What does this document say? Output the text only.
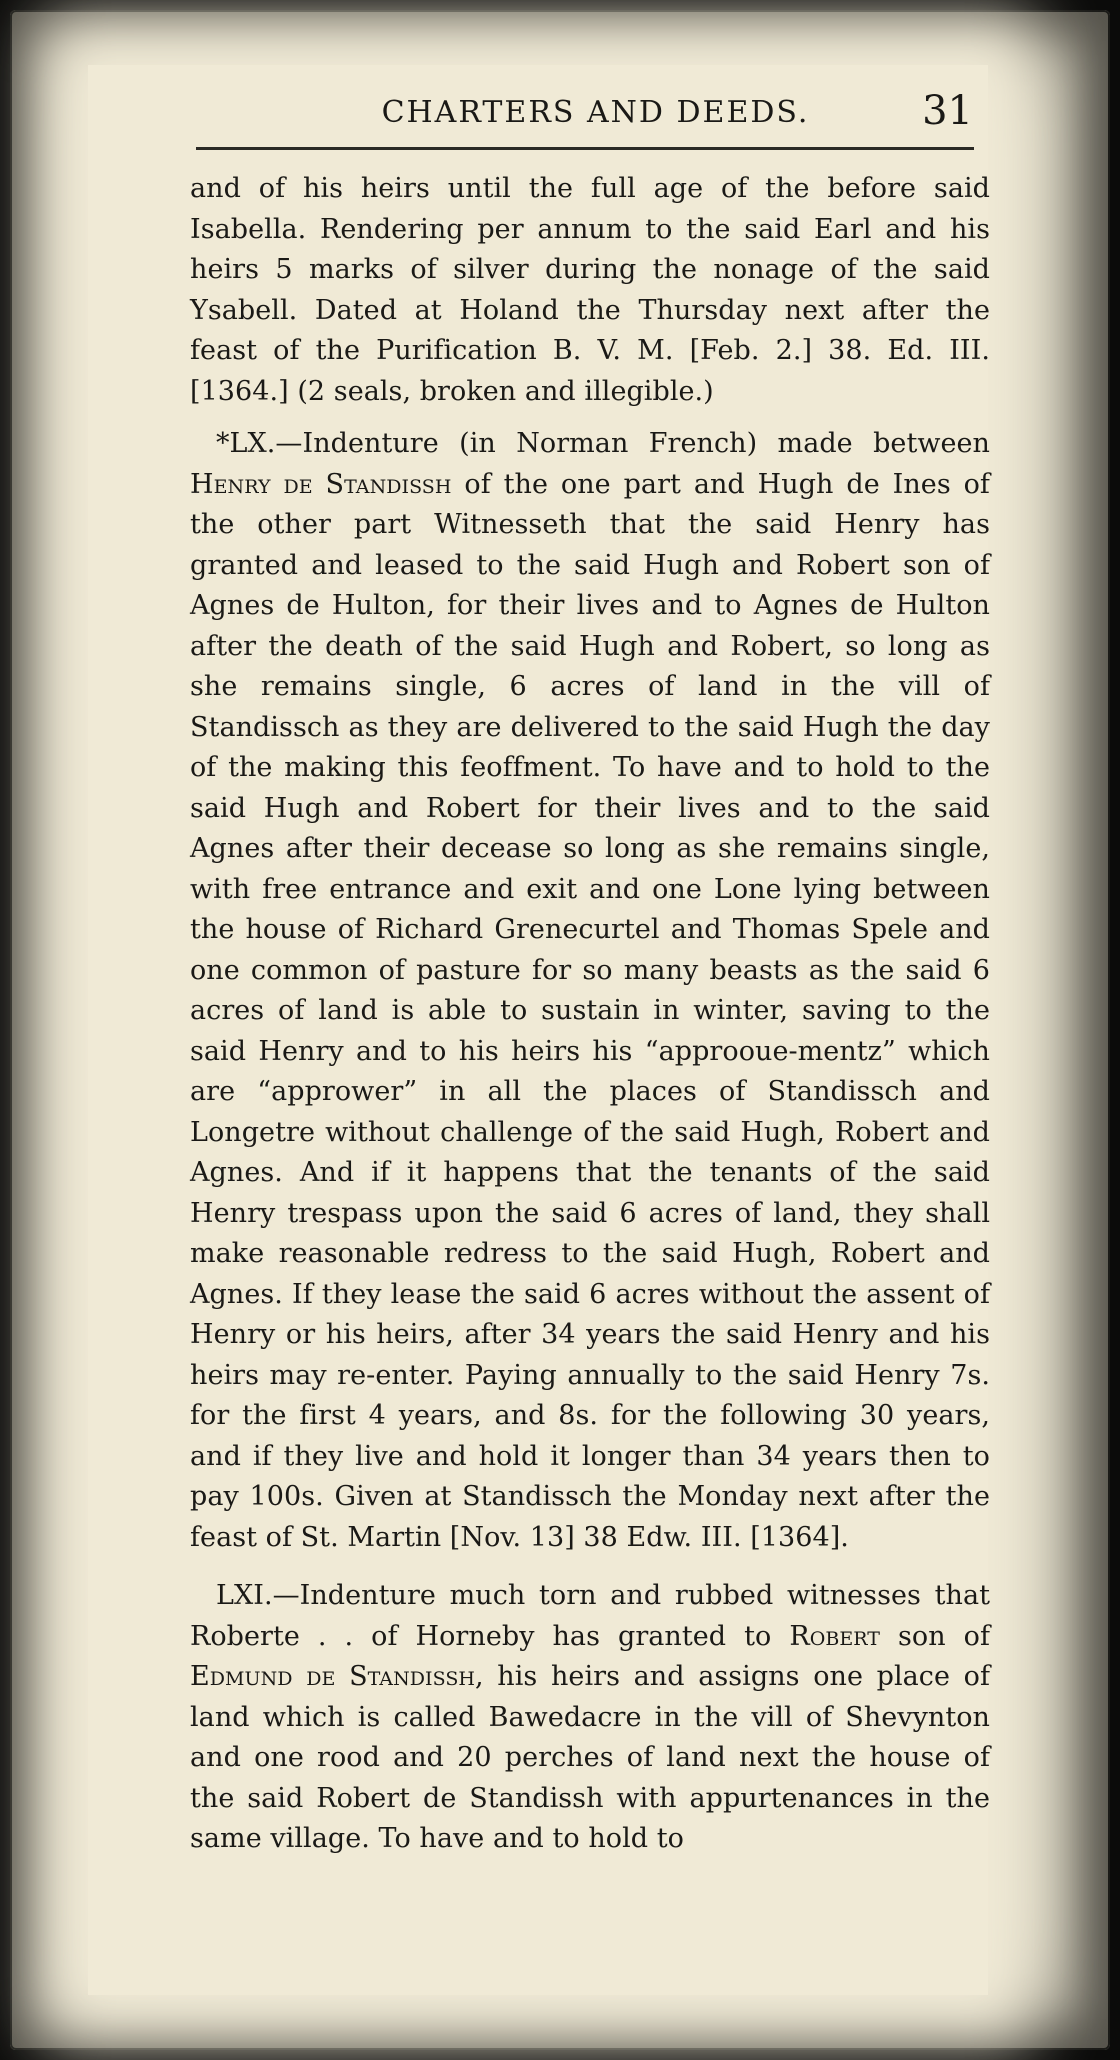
CHARTERS AND DEEDS.	31

and of his heirs until the full age of the before said Isabella. Rendering per annum to the said Earl and his heirs 5 marks of silver during the nonage of the said Ysabell. Dated at Holand the Thursday next after the feast of the Purification B. V. M. [Feb. 2.] 38. Ed. III. [1364.] (2 seals, broken and illegible.)

*LX.—Indenture (in Norman French) made between Henry de Standissh of the one part and Hugh de Ines of the other part Witnesseth that the said Henry has granted and leased to the said Hugh and Robert son of Agnes de Hulton, for their lives and to Agnes de Hulton after the death of the said Hugh and Robert, so long as she remains single, 6 acres of land in the vill of Standissch as they are delivered to the said Hugh the day of the making this feoffment. To have and to hold to the said Hugh and Robert for their lives and to the said Agnes after their decease so long as she remains single, with free entrance and exit and one Lone lying between the house of Richard Grenecurtel and Thomas Spele and one common of pasture for so many beasts as the said 6 acres of land is able to sustain in winter, saving to the said Henry and to his heirs his “approoue-mentz” which are “apprower” in all the places of Standissch and Longetre without challenge of the said Hugh, Robert and Agnes. And if it happens that the tenants of the said Henry trespass upon the said 6 acres of land, they shall make reasonable redress to the said Hugh, Robert and Agnes. If they lease the said 6 acres without the assent of Henry or his heirs, after 34 years the said Henry and his heirs may re-enter. Paying annually to the said Henry 7s. for the first 4 years, and 8s. for the following 30 years, and if they live and hold it longer than 34 years then to pay 100s. Given at Standissch the Monday next after the feast of St. Martin [Nov. 13] 38 Edw. III. [1364].

LXI.—Indenture much torn and rubbed witnesses that Roberte . . of Horneby has granted to Robert son of Edmund de Standissh, his heirs and assigns one place of land which is called Bawedacre in the vill of Shevynton and one rood and 20 perches of land next the house of the said Robert de Standissh with appurtenances in the same village. To have and to hold to
